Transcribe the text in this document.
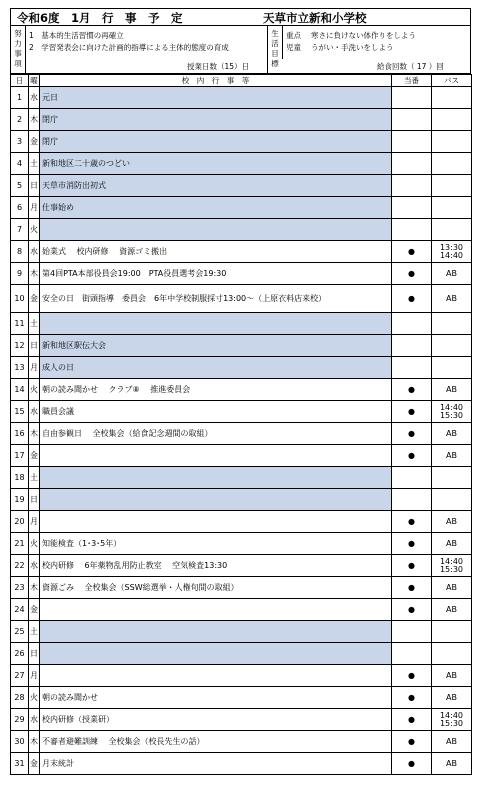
令和6度　1月　行　事　予　定	天草市立新和小学校
努
力
事
項
1　基本的生活習慣の再確立
2　学習発表会に向けた計画的指導による主体的態度の育成
授業日数（15）日
生
活
目
標
重点 寒さに負けない体作りをしよう
児童 うがい・手洗いをしよう
給食回数（ 17 ）回
日	曜	校　内　行　事　等	当番	バス
1	水	元日		
2	木	閉庁		
3	金	閉庁		
4	土	新和地区二十歳のつどい		
5	日	天草市消防出初式		
6	月	仕事始め		
7	火			
8	水	始業式　 校内研修　 資源ゴミ搬出	●	13:30
14:40
9	木	第4回PTA本部役員会19:00　PTA役員選考会19:30	●	AB
10	金	安全の日　街頭指導　委員会　6年中学校制服採寸13:00～（上原衣料店来校）	●	AB
11	土			
12	日	新和地区駅伝大会		
13	月	成人の日		
14	火	朝の読み聞かせ　 クラブ⑧　 推進委員会	●	AB
15	水	職員会議	●	14:40
15:30
16	木	自由参観日　 全校集会（給食記念週間の取組）	●	AB
17	金		●	AB
18	土			
19	日			
20	月		●	AB
21	火	知能検査（1･3･5年）	●	AB
22	水	校内研修　 6年薬物乱用防止教室　 空気検査13:30	●	14:40
15:30
23	木	資源ごみ　 全校集会（SSW総選挙・人権旬間の取組）	●	AB
24	金		●	AB
25	土			
26	日			
27	月		●	AB
28	火	朝の読み聞かせ	●	AB
29	水	校内研修（授業研）	●	14:40
15:30
30	木	不審者避難訓練　 全校集会（校長先生の話）	●	AB
31	金	月末統計	●	AB
